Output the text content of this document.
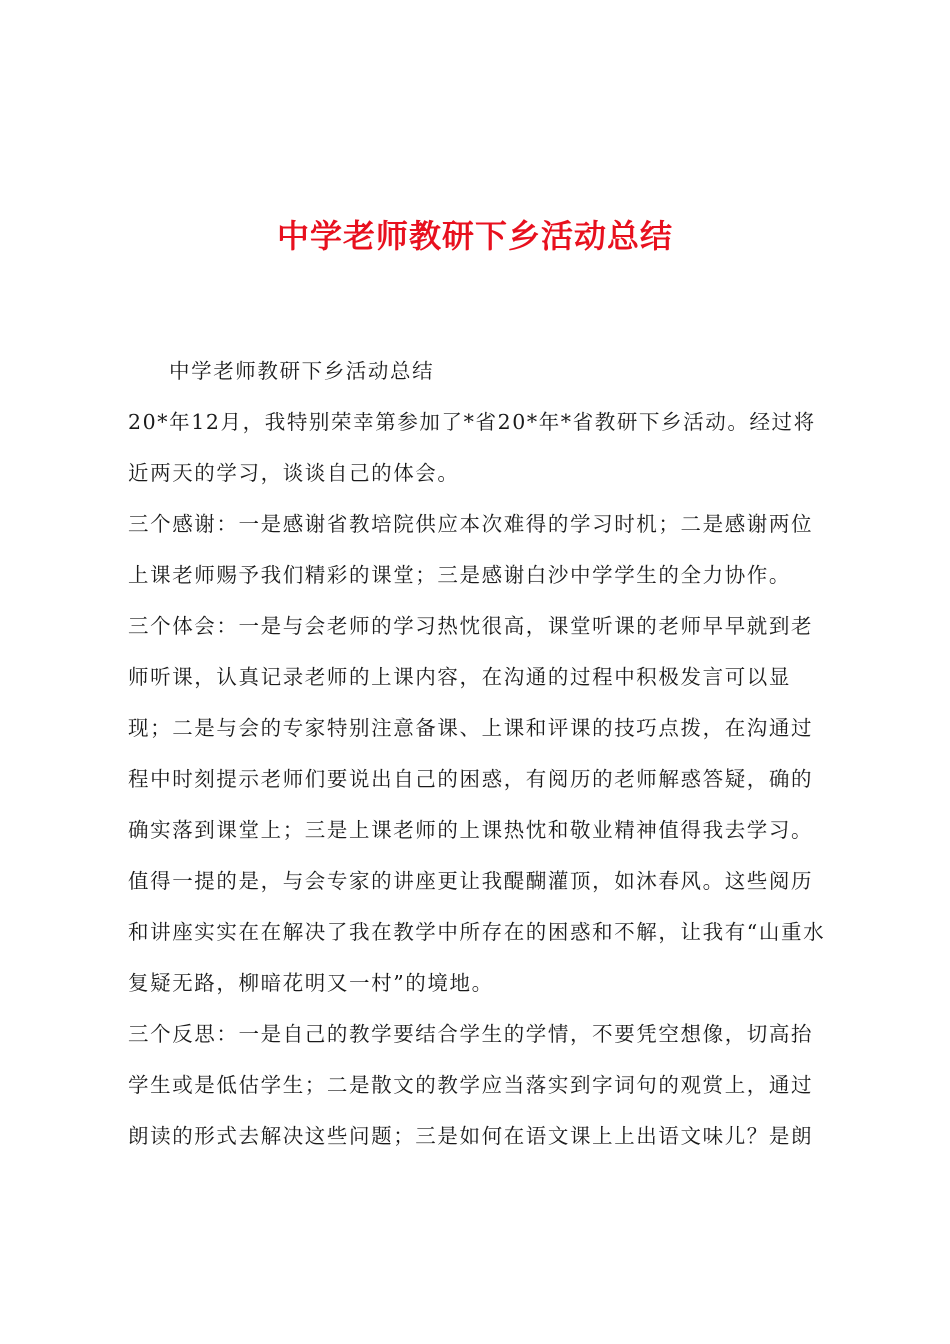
中学老师教研下乡活动总结

中学老师教研下乡活动总结

20*年12月，我特别荣幸第参加了*省20*年*省教研下乡活动。经过将近两天的学习，谈谈自己的体会。

三个感谢：一是感谢省教培院供应本次难得的学习时机；二是感谢两位上课老师赐予我们精彩的课堂；三是感谢白沙中学学生的全力协作。

三个体会：一是与会老师的学习热忱很高，课堂听课的老师早早就到老师听课，认真记录老师的上课内容，在沟通的过程中积极发言可以显现；二是与会的专家特别注意备课、上课和评课的技巧点拨，在沟通过程中时刻提示老师们要说出自己的困惑，有阅历的老师解惑答疑，确的确实落到课堂上；三是上课老师的上课热忱和敬业精神值得我去学习。

值得一提的是，与会专家的讲座更让我醍醐灌顶，如沐春风。这些阅历和讲座实实在在解决了我在教学中所存在的困惑和不解，让我有“山重水复疑无路，柳暗花明又一村”的境地。

三个反思：一是自己的教学要结合学生的学情，不要凭空想像，切高抬学生或是低估学生；二是散文的教学应当落实到字词句的观赏上，通过朗读的形式去解决这些问题；三是如何在语文课上上出语文味儿？是朗
